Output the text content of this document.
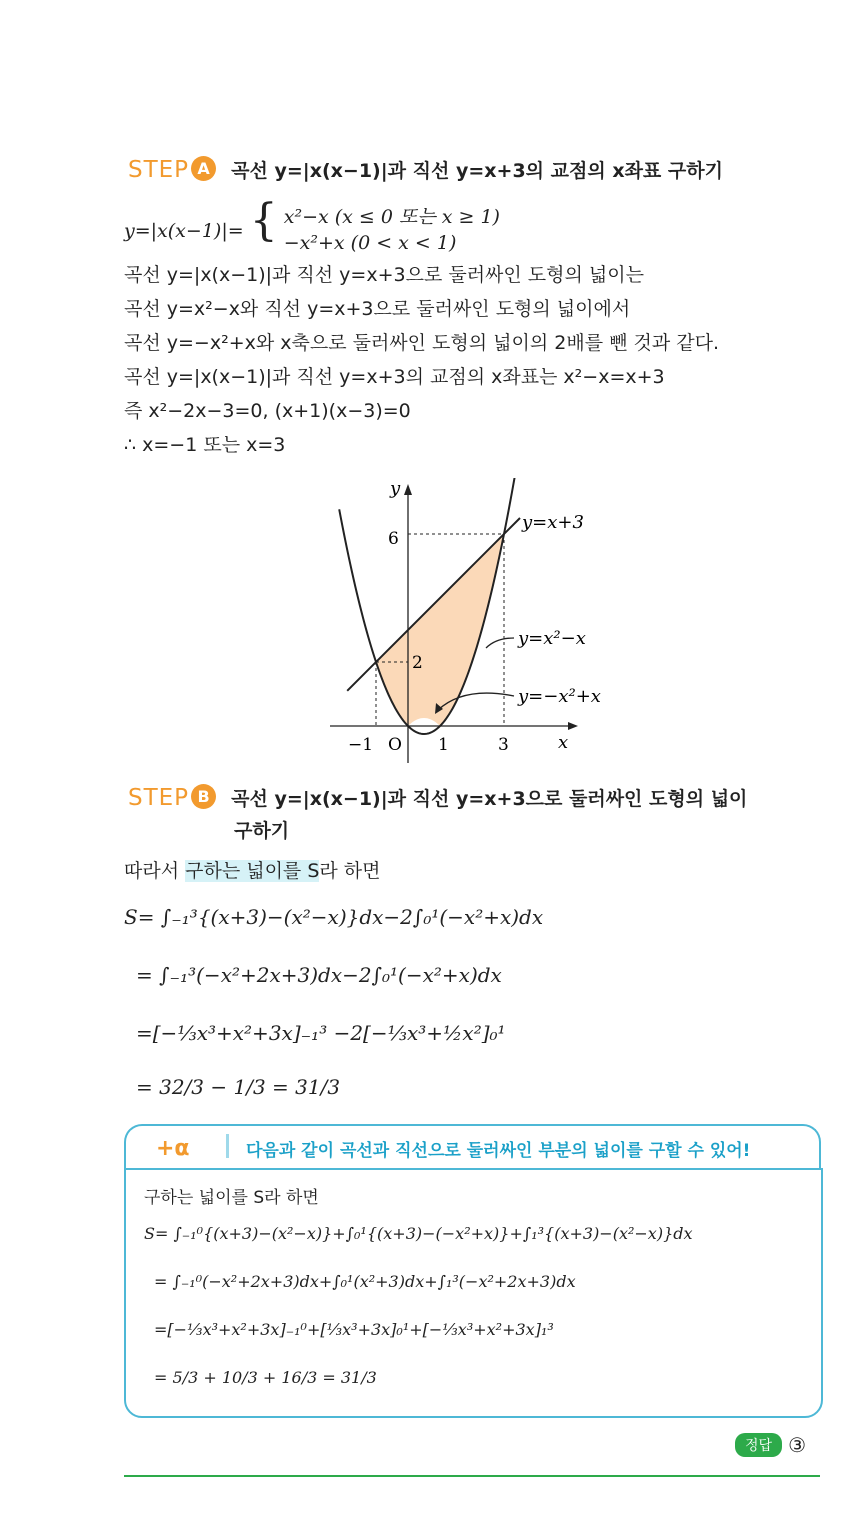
STEP A 곡선 y=|x(x−1)|과 직선 y=x+3의 교점의 x좌표 구하기
y=|x(x−1)|= { x²−x (x ≤ 0 또는 x ≥ 1)
−x²+x (0 < x < 1)
곡선 y=|x(x−1)|과 직선 y=x+3으로 둘러싸인 도형의 넓이는
곡선 y=x²−x와 직선 y=x+3으로 둘러싸인 도형의 넓이에서
곡선 y=−x²+x와 x축으로 둘러싸인 도형의 넓이의 2배를 뺀 것과 같다.
곡선 y=|x(x−1)|과 직선 y=x+3의 교점의 x좌표는 x²−x=x+3
즉 x²−2x−3=0, (x+1)(x−3)=0
∴ x=−1 또는 x=3
y
x
O
6
2
−1	1	3
y=x+3
y=x²−x
y=−x²+x
STEP B 곡선 y=|x(x−1)|과 직선 y=x+3으로 둘러싸인 도형의 넓이
구하기
따라서 구하는 넓이를 S라 하면
S= ∫₋₁³{(x+3)−(x²−x)}dx−2∫₀¹(−x²+x)dx
= ∫₋₁³(−x²+2x+3)dx−2∫₀¹(−x²+x)dx
=[−⅓x³+x²+3x]₋₁³ −2[−⅓x³+½x²]₀¹
= 32/3 − 1/3 = 31/3
+α	다음과 같이 곡선과 직선으로 둘러싸인 부분의 넓이를 구할 수 있어!
구하는 넓이를 S라 하면
S= ∫₋₁⁰{(x+3)−(x²−x)}+∫₀¹{(x+3)−(−x²+x)}+∫₁³{(x+3)−(x²−x)}dx
= ∫₋₁⁰(−x²+2x+3)dx+∫₀¹(x²+3)dx+∫₁³(−x²+2x+3)dx
=[−⅓x³+x²+3x]₋₁⁰+[⅓x³+3x]₀¹+[−⅓x³+x²+3x]₁³
= 5/3 + 10/3 + 16/3 = 31/3
정답 ③
